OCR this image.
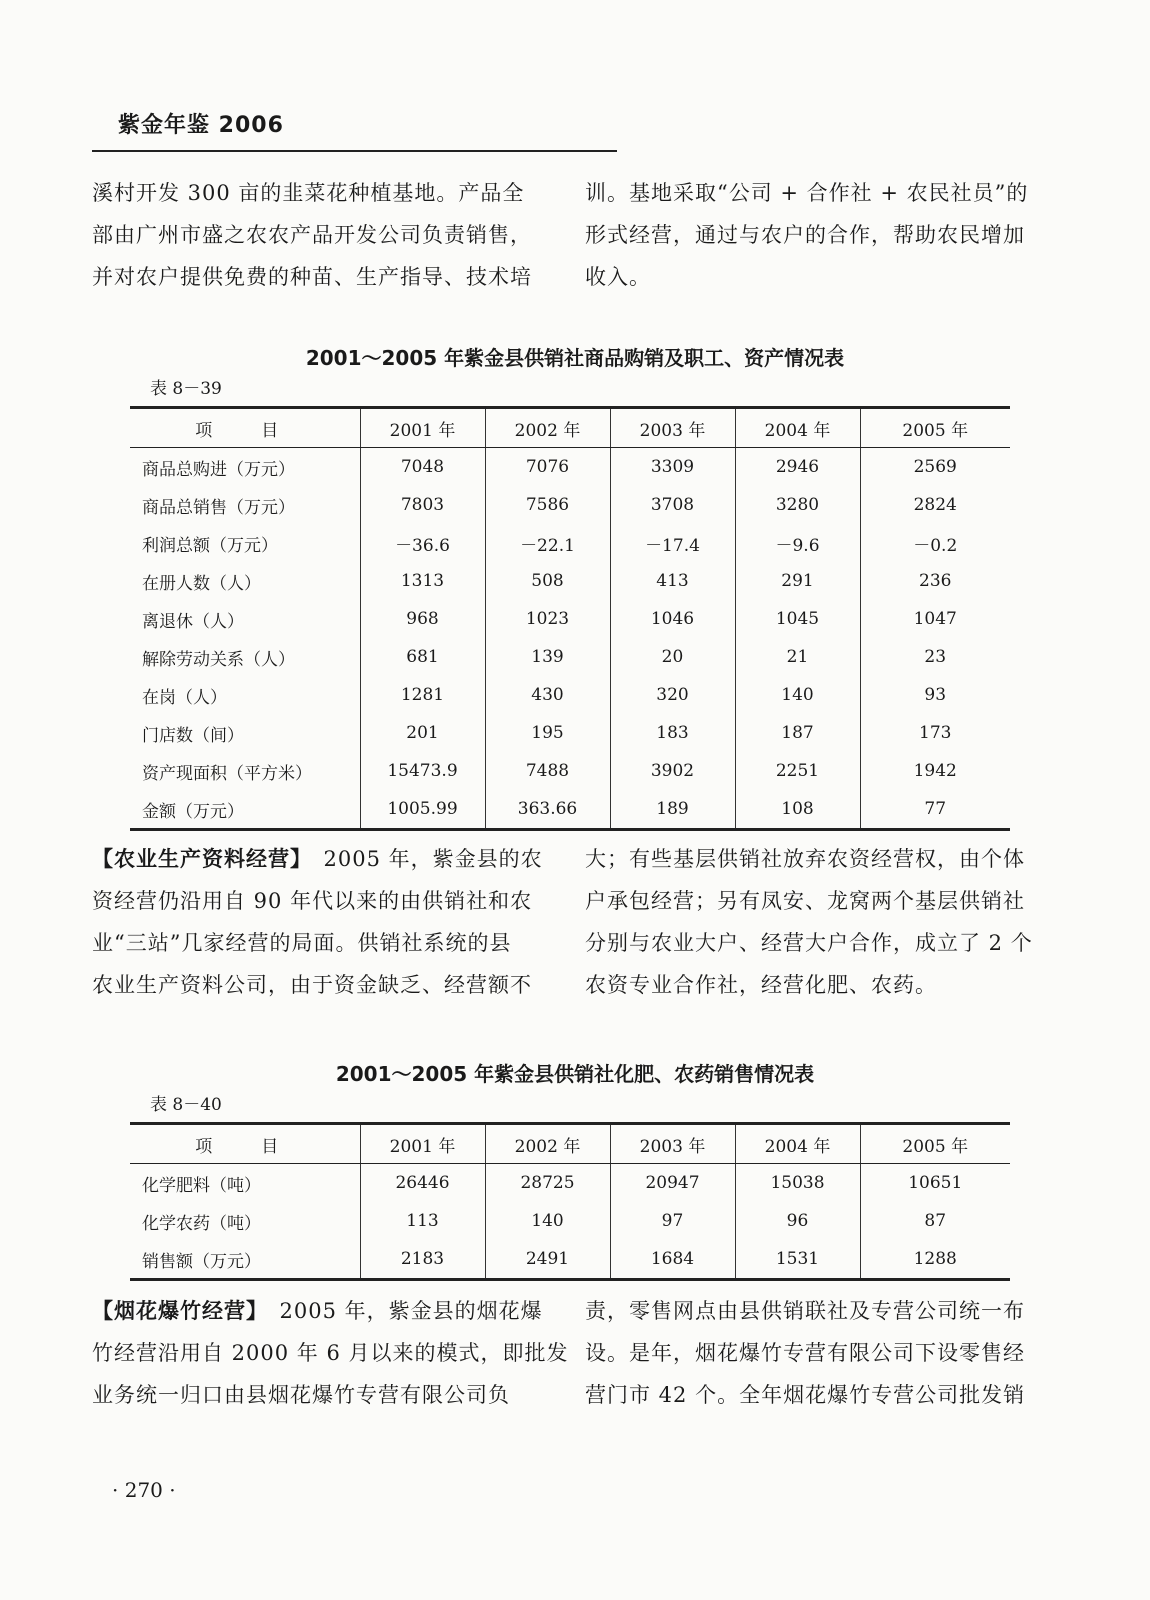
紫金年鉴 2006
溪村开发 300 亩的韭菜花种植基地。产品全
部由广州市盛之农农产品开发公司负责销售，
并对农户提供免费的种苗、生产指导、技术培
训。基地采取“公司 + 合作社 + 农民社员”的
形式经营，通过与农户的合作，帮助农民增加
收入。
2001～2005 年紫金县供销社商品购销及职工、资产情况表
表 8－39
项　目	2001 年	2002 年	2003 年	2004 年	2005 年
商品总购进（万元）	7048	7076	3309	2946	2569
商品总销售（万元）	7803	7586	3708	3280	2824
利润总额（万元）	－36.6	－22.1	－17.4	－9.6	－0.2
在册人数（人）	1313	508	413	291	236
离退休（人）	968	1023	1046	1045	1047
解除劳动关系（人）	681	139	20	21	23
在岗（人）	1281	430	320	140	93
门店数（间）	201	195	183	187	173
资产现面积（平方米）	15473.9	7488	3902	2251	1942
金额（万元）	1005.99	363.66	189	108	77
【农业生产资料经营】　2005 年，紫金县的农
资经营仍沿用自 90 年代以来的由供销社和农
业“三站”几家经营的局面。供销社系统的县
农业生产资料公司，由于资金缺乏、经营额不
大；有些基层供销社放弃农资经营权，由个体
户承包经营；另有凤安、龙窝两个基层供销社
分别与农业大户、经营大户合作，成立了 2 个
农资专业合作社，经营化肥、农药。
2001～2005 年紫金县供销社化肥、农药销售情况表
表 8－40
项　目	2001 年	2002 年	2003 年	2004 年	2005 年
化学肥料（吨）	26446	28725	20947	15038	10651
化学农药（吨）	113	140	97	96	87
销售额（万元）	2183	2491	1684	1531	1288
【烟花爆竹经营】　2005 年，紫金县的烟花爆
竹经营沿用自 2000 年 6 月以来的模式，即批发
业务统一归口由县烟花爆竹专营有限公司负
责，零售网点由县供销联社及专营公司统一布
设。是年，烟花爆竹专营有限公司下设零售经
营门市 42 个。全年烟花爆竹专营公司批发销
· 270 ·
